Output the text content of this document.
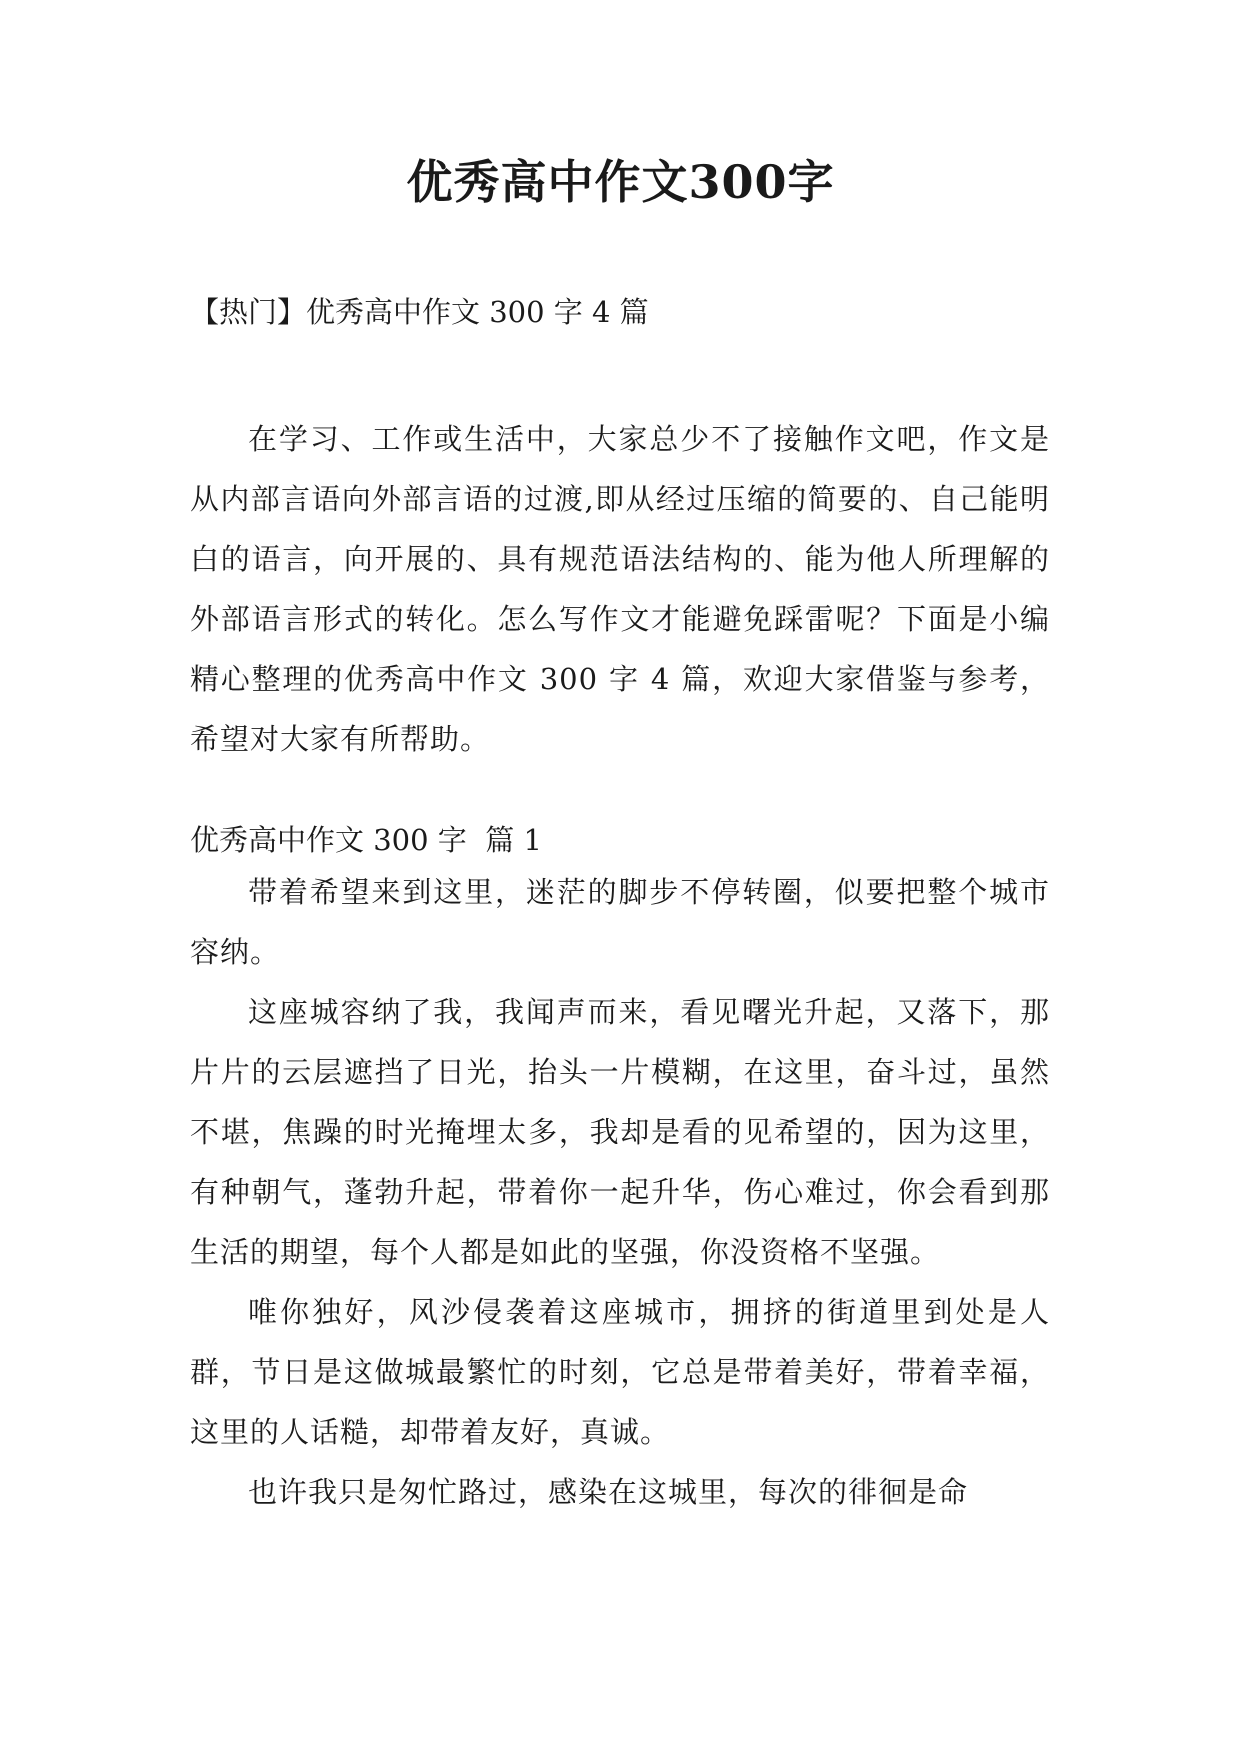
优秀高中作文300字
【热门】优秀高中作文 300 字 4 篇

在学习、工作或生活中，大家总少不了接触作文吧，作文是从内部言语向外部言语的过渡,即从经过压缩的简要的、自己能明白的语言，向开展的、具有规范语法结构的、能为他人所理解的外部语言形式的转化。怎么写作文才能避免踩雷呢？下面是小编精心整理的优秀高中作文 300 字 4 篇，欢迎大家借鉴与参考，希望对大家有所帮助。

优秀高中作文 300 字  篇 1

带着希望来到这里，迷茫的脚步不停转圈，似要把整个城市容纳。

这座城容纳了我，我闻声而来，看见曙光升起，又落下，那片片的云层遮挡了日光，抬头一片模糊，在这里，奋斗过，虽然不堪，焦躁的时光掩埋太多，我却是看的见希望的，因为这里，有种朝气，蓬勃升起，带着你一起升华，伤心难过，你会看到那生活的期望，每个人都是如此的坚强，你没资格不坚强。

唯你独好，风沙侵袭着这座城市，拥挤的街道里到处是人群，节日是这做城最繁忙的时刻，它总是带着美好，带着幸福，这里的人话糙，却带着友好，真诚。

也许我只是匆忙路过，感染在这城里，每次的徘徊是命
